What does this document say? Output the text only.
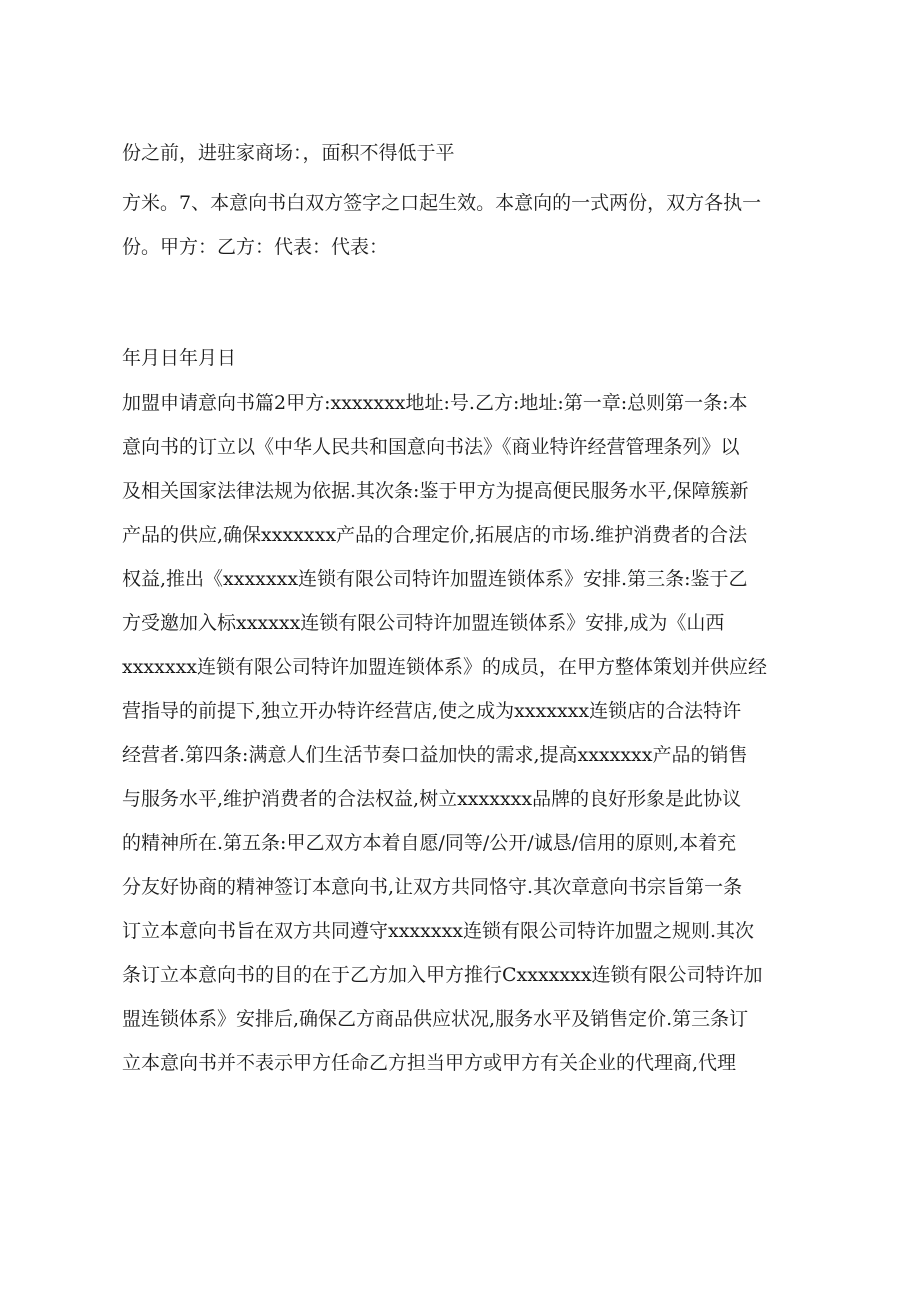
份之前，进驻家商场：，面积不得低于平
方米。7、本意向书白双方签字之口起生效。本意向的一式两份，双方各执一
份。甲方：乙方：代表：代表：
年月日年月日
加盟申请意向书篇2甲方:xxxxxxx地址:号.乙方:地址:第一章:总则第一条:本
意向书的订立以《中华人民共和国意向书法》《商业特许经营管理条列》以
及相关国家法律法规为依据.其次条:鉴于甲方为提高便民服务水平,保障簇新
产品的供应,确保xxxxxxx产品的合理定价,拓展店的市场.维护消费者的合法
权益,推出《xxxxxxx连锁有限公司特许加盟连锁体系》安排.第三条:鉴于乙
方受邀加入标xxxxxx连锁有限公司特许加盟连锁体系》安排,成为《山西
xxxxxxx连锁有限公司特许加盟连锁体系》的成员，在甲方整体策划并供应经
营指导的前提下,独立开办特许经营店,使之成为xxxxxxx连锁店的合法特许
经营者.第四条:满意人们生活节奏口益加快的需求,提高xxxxxxx产品的销售
与服务水平,维护消费者的合法权益,树立xxxxxxx品牌的良好形象是此协议
的精神所在.第五条:甲乙双方本着自愿/同等/公开/诚恳/信用的原则,本着充
分友好协商的精神签订本意向书,让双方共同恪守.其次章意向书宗旨第一条
订立本意向书旨在双方共同遵守xxxxxxx连锁有限公司特许加盟之规则.其次
条订立本意向书的目的在于乙方加入甲方推行Cxxxxxxx连锁有限公司特许加
盟连锁体系》安排后,确保乙方商品供应状况,服务水平及销售定价.第三条订
立本意向书并不表示甲方任命乙方担当甲方或甲方有关企业的代理商,代理
